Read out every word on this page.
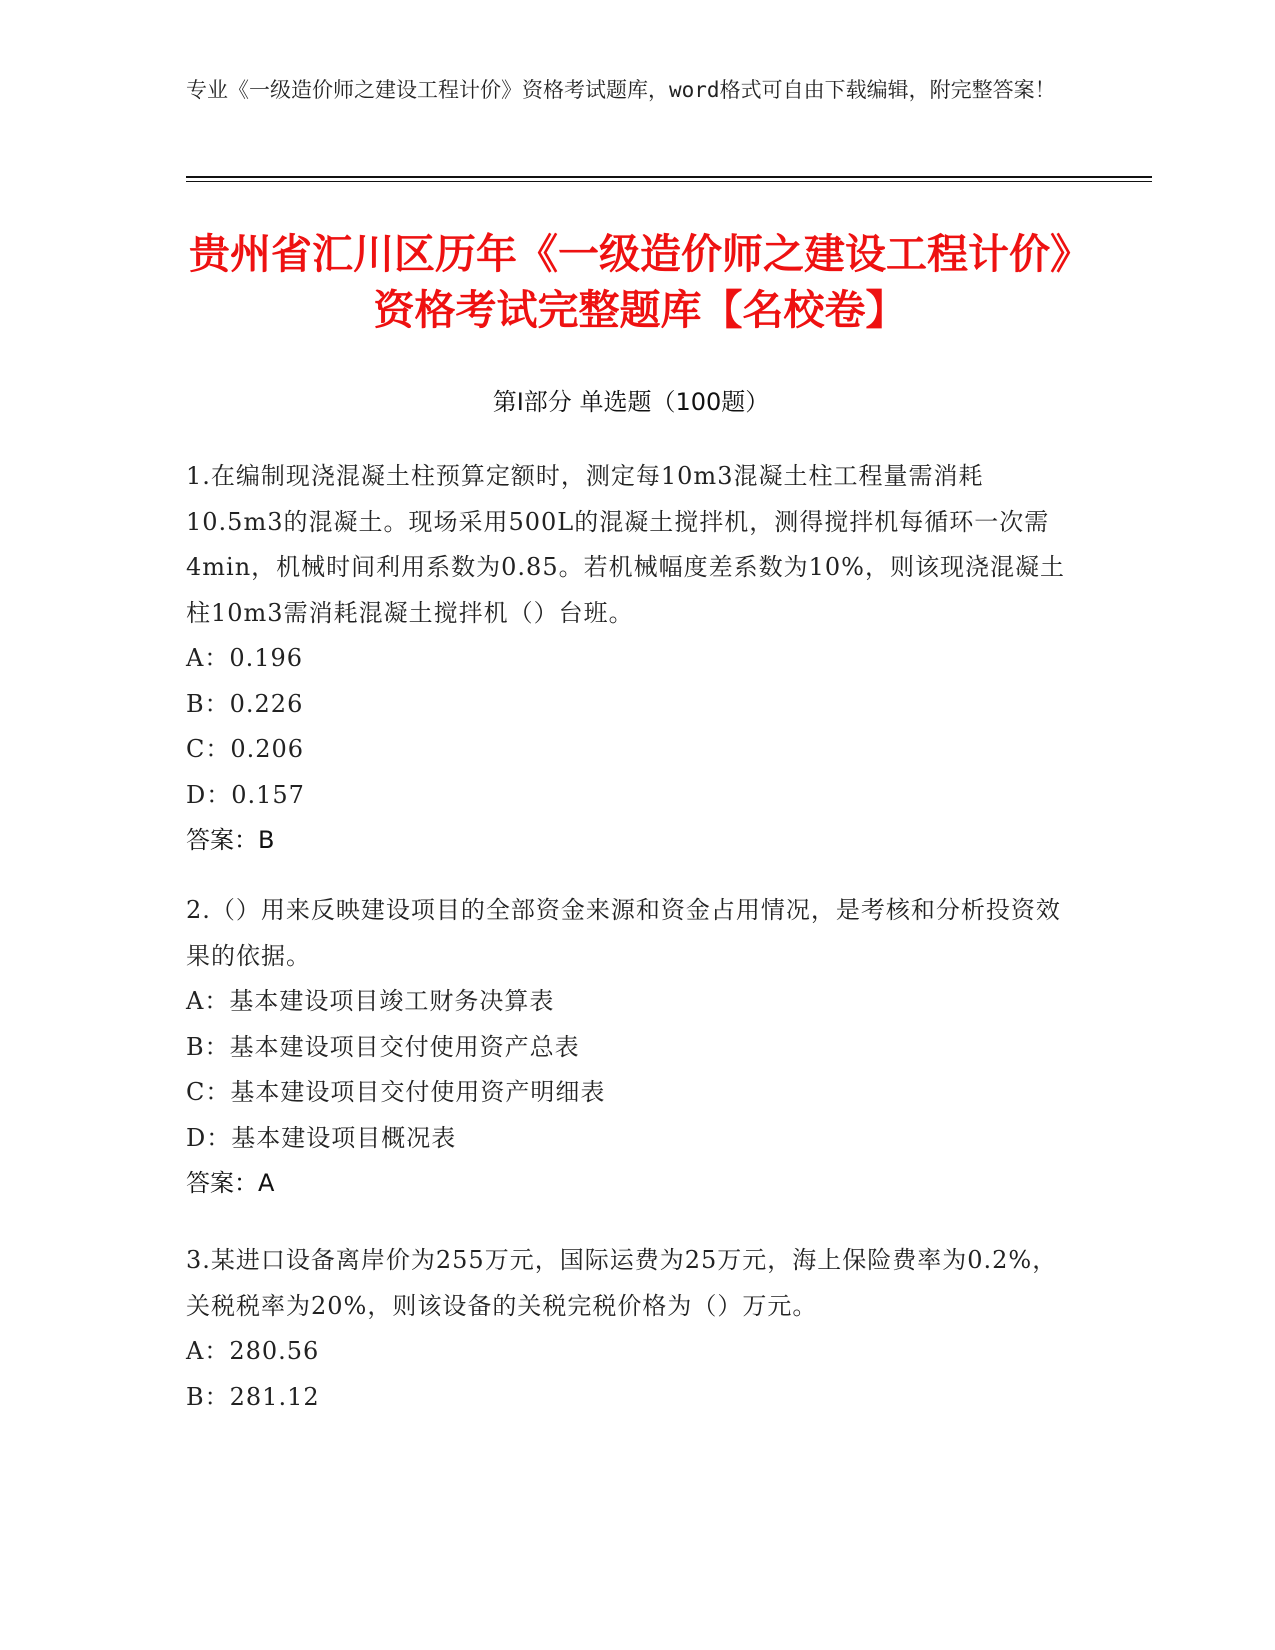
专业《一级造价师之建设工程计价》资格考试题库，word格式可自由下载编辑，附完整答案！
贵州省汇川区历年《一级造价师之建设工程计价》资格考试完整题库【名校卷】
第Ⅰ部分 单选题（100题）
1.在编制现浇混凝土柱预算定额时，测定每10m3混凝土柱工程量需消耗10.5m3的混凝土。现场采用500L的混凝土搅拌机，测得搅拌机每循环一次需4min，机械时间利用系数为0.85。若机械幅度差系数为10%，则该现浇混凝土柱10m3需消耗混凝土搅拌机（）台班。
A：0.196
B：0.226
C：0.206
D：0.157
答案：B
2.（）用来反映建设项目的全部资金来源和资金占用情况，是考核和分析投资效果的依据。
A：基本建设项目竣工财务决算表
B：基本建设项目交付使用资产总表
C：基本建设项目交付使用资产明细表
D：基本建设项目概况表
答案：A
3.某进口设备离岸价为255万元，国际运费为25万元，海上保险费率为0.2%，关税税率为20%，则该设备的关税完税价格为（）万元。
A：280.56
B：281.12
